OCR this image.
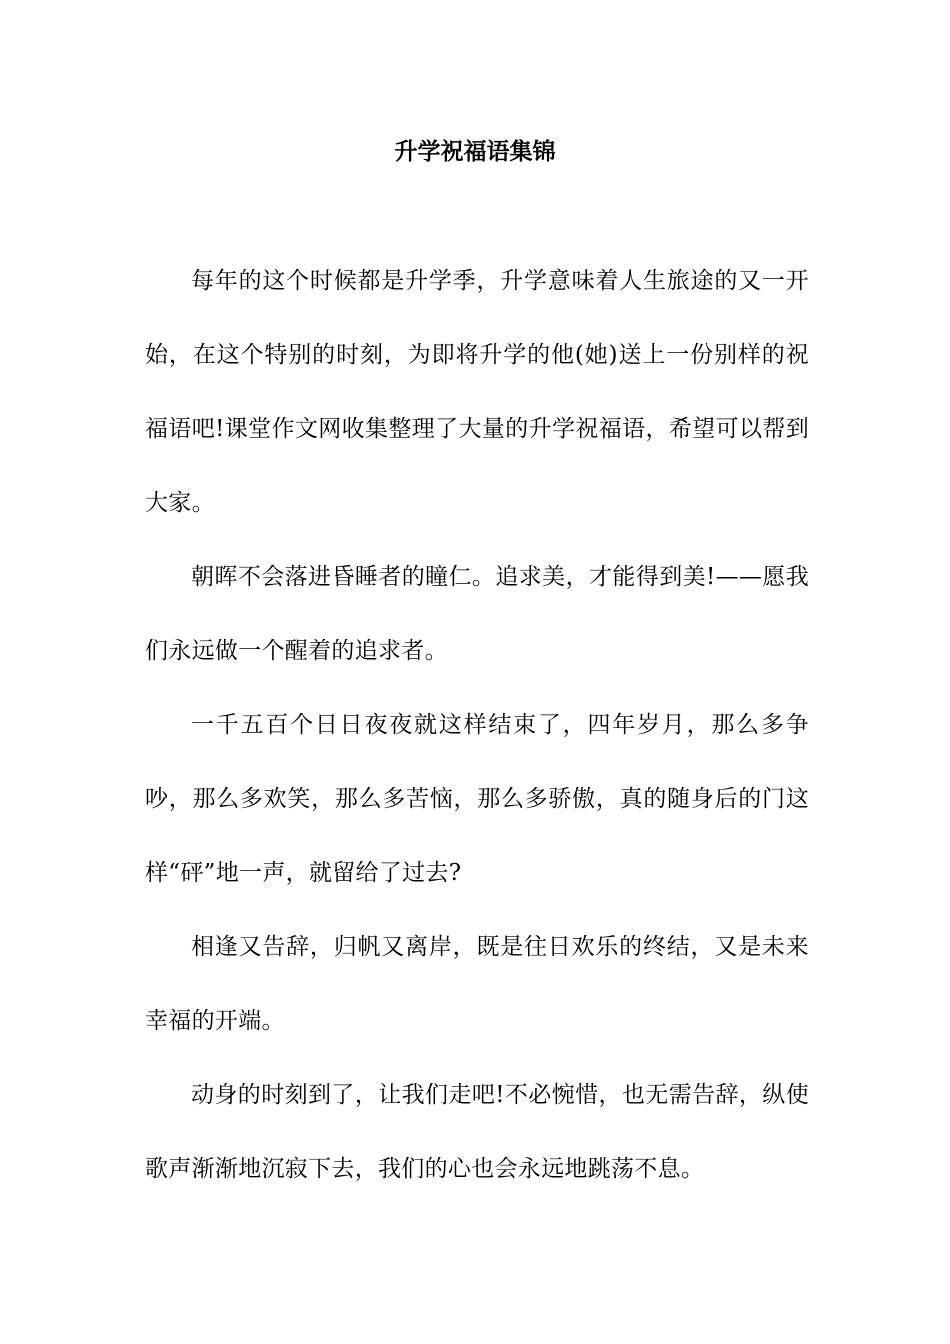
升学祝福语集锦

每年的这个时候都是升学季，升学意味着人生旅途的又一开始，在这个特别的时刻，为即将升学的他(她)送上一份别样的祝福语吧!课堂作文网收集整理了大量的升学祝福语，希望可以帮到大家。

朝晖不会落进昏睡者的瞳仁。追求美，才能得到美!——愿我们永远做一个醒着的追求者。

一千五百个日日夜夜就这样结束了，四年岁月，那么多争吵，那么多欢笑，那么多苦恼，那么多骄傲，真的随身后的门这样“砰”地一声，就留给了过去?

相逢又告辞，归帆又离岸，既是往日欢乐的终结，又是未来幸福的开端。

动身的时刻到了，让我们走吧!不必惋惜，也无需告辞，纵使歌声渐渐地沉寂下去，我们的心也会永远地跳荡不息。
